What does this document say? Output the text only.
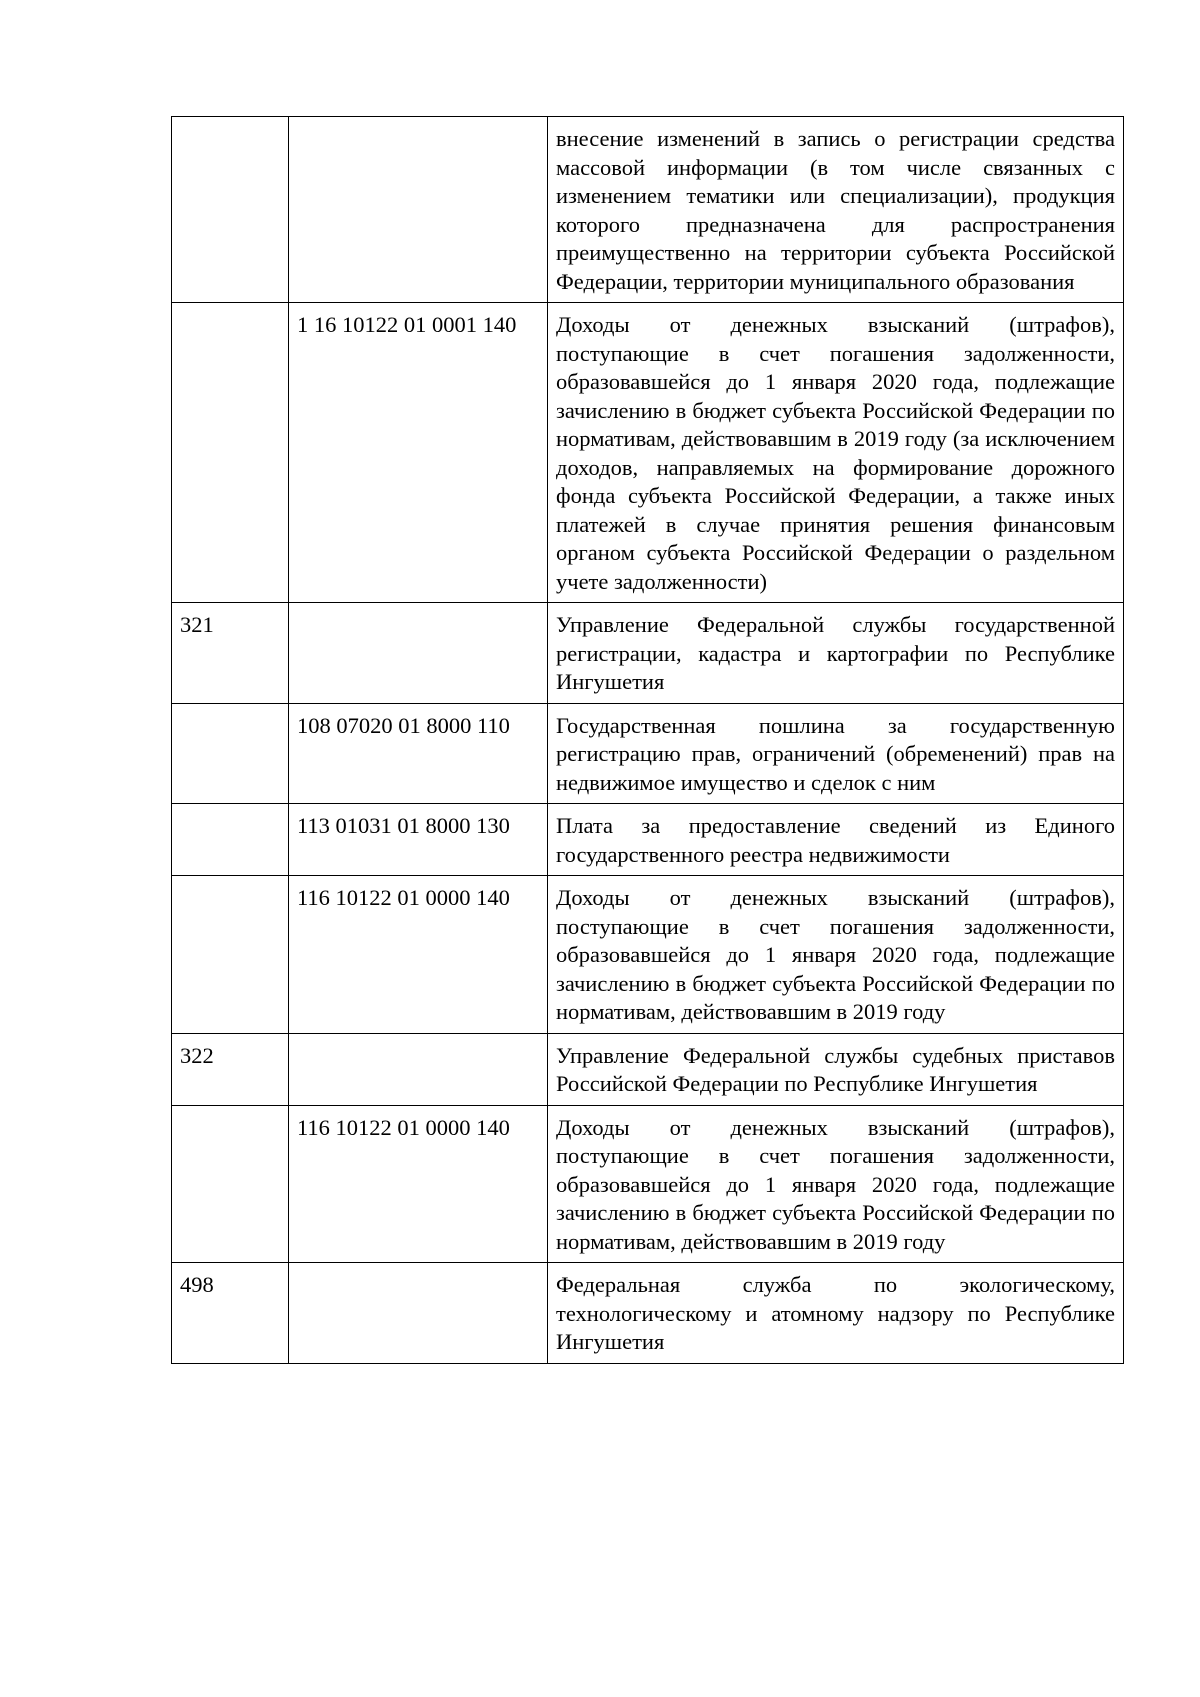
		внесение изменений в запись о регистрации средства массовой информации (в том числе связанных с изменением тематики или специализации), продукция которого предназначена для распространения преимущественно на территории субъекта Российской Федерации, территории муниципального образования
	1 16 10122 01 0001 140	Доходы от денежных взысканий (штрафов), поступающие в счет погашения задолженности, образовавшейся до 1 января 2020 года, подлежащие зачислению в бюджет субъекта Российской Федерации по нормативам, действовавшим в 2019 году (за исключением доходов, направляемых на формирование дорожного фонда субъекта Российской Федерации, а также иных платежей в случае принятия решения финансовым органом субъекта Российской Федерации о раздельном учете задолженности)
321		Управление Федеральной службы государственной регистрации, кадастра и картографии по Республике Ингушетия
	108 07020 01 8000 110	Государственная пошлина за государственную регистрацию прав, ограничений (обременений) прав на недвижимое имущество и сделок с ним
	113 01031 01 8000 130	Плата за предоставление сведений из Единого государственного реестра недвижимости
	116 10122 01 0000 140	Доходы от денежных взысканий (штрафов), поступающие в счет погашения задолженности, образовавшейся до 1 января 2020 года, подлежащие зачислению в бюджет субъекта Российской Федерации по нормативам, действовавшим в 2019 году
322		Управление Федеральной службы судебных приставов Российской Федерации по Республике Ингушетия
	116 10122 01 0000 140	Доходы от денежных взысканий (штрафов), поступающие в счет погашения задолженности, образовавшейся до 1 января 2020 года, подлежащие зачислению в бюджет субъекта Российской Федерации по нормативам, действовавшим в 2019 году
498		Федеральная служба по экологическому, технологическому и атомному надзору по Республике Ингушетия
